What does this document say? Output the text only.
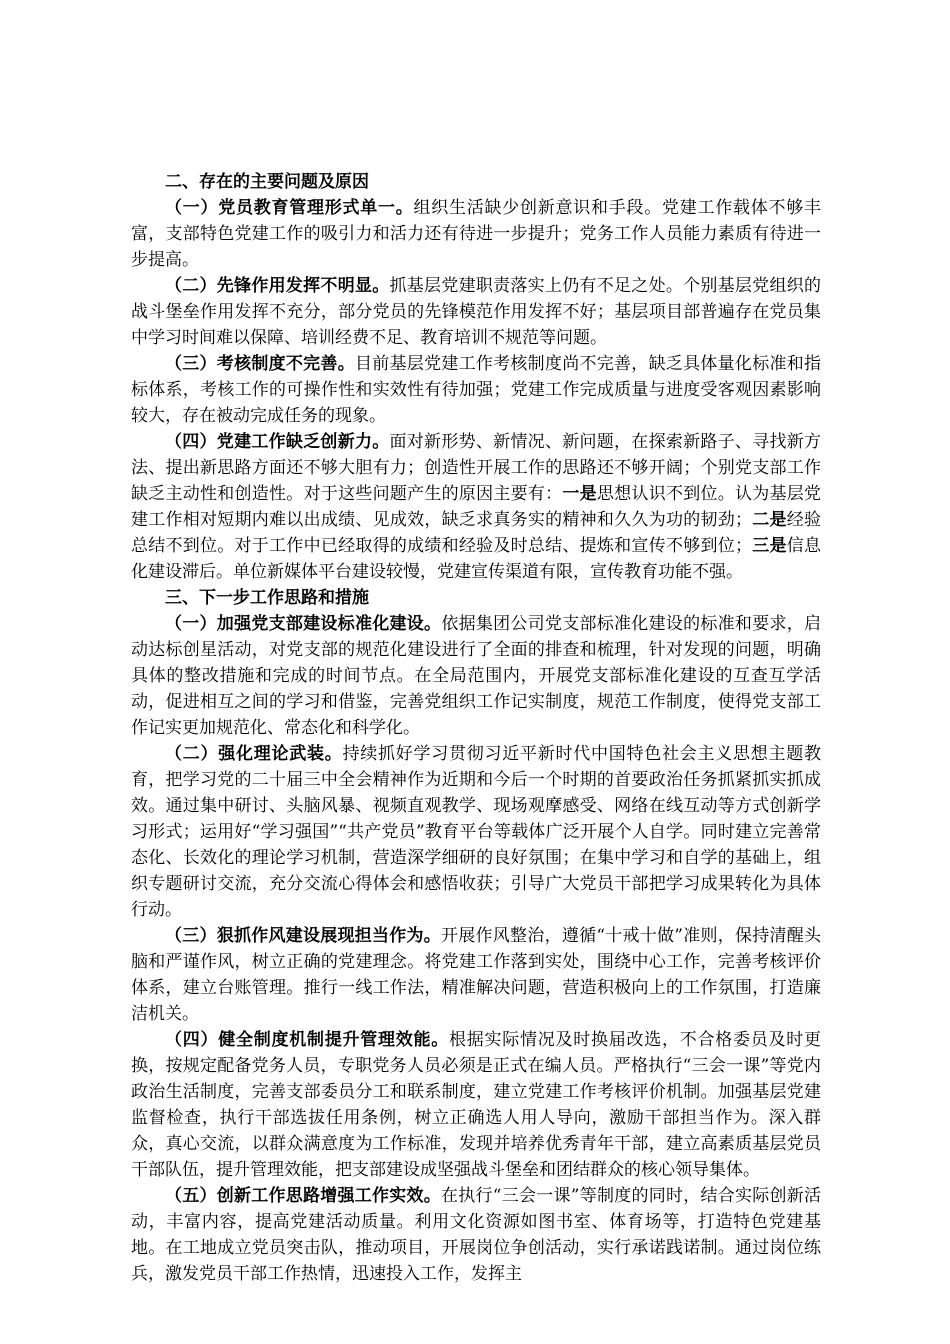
二、存在的主要问题及原因

（一）党员教育管理形式单一。组织生活缺少创新意识和手段。党建工作载体不够丰富，支部特色党建工作的吸引力和活力还有待进一步提升；党务工作人员能力素质有待进一步提高。

（二）先锋作用发挥不明显。抓基层党建职责落实上仍有不足之处。个别基层党组织的战斗堡垒作用发挥不充分，部分党员的先锋模范作用发挥不好；基层项目部普遍存在党员集中学习时间难以保障、培训经费不足、教育培训不规范等问题。

（三）考核制度不完善。目前基层党建工作考核制度尚不完善，缺乏具体量化标准和指标体系，考核工作的可操作性和实效性有待加强；党建工作完成质量与进度受客观因素影响较大，存在被动完成任务的现象。

（四）党建工作缺乏创新力。面对新形势、新情况、新问题，在探索新路子、寻找新方法、提出新思路方面还不够大胆有力；创造性开展工作的思路还不够开阔；个别党支部工作缺乏主动性和创造性。对于这些问题产生的原因主要有：一是思想认识不到位。认为基层党建工作相对短期内难以出成绩、见成效，缺乏求真务实的精神和久久为功的韧劲；二是经验总结不到位。对于工作中已经取得的成绩和经验及时总结、提炼和宣传不够到位；三是信息化建设滞后。单位新媒体平台建设较慢，党建宣传渠道有限，宣传教育功能不强。

三、下一步工作思路和措施

（一）加强党支部建设标准化建设。依据集团公司党支部标准化建设的标准和要求，启动达标创星活动，对党支部的规范化建设进行了全面的排查和梳理，针对发现的问题，明确具体的整改措施和完成的时间节点。在全局范围内，开展党支部标准化建设的互查互学活动，促进相互之间的学习和借鉴，完善党组织工作记实制度，规范工作制度，使得党支部工作记实更加规范化、常态化和科学化。

（二）强化理论武装。持续抓好学习贯彻习近平新时代中国特色社会主义思想主题教育，把学习党的二十届三中全会精神作为近期和今后一个时期的首要政治任务抓紧抓实抓成效。通过集中研讨、头脑风暴、视频直观教学、现场观摩感受、网络在线互动等方式创新学习形式；运用好“学习强国”“共产党员”教育平台等载体广泛开展个人自学。同时建立完善常态化、长效化的理论学习机制，营造深学细研的良好氛围；在集中学习和自学的基础上，组织专题研讨交流，充分交流心得体会和感悟收获；引导广大党员干部把学习成果转化为具体行动。

（三）狠抓作风建设展现担当作为。开展作风整治，遵循“十戒十做”准则，保持清醒头脑和严谨作风，树立正确的党建理念。将党建工作落到实处，围绕中心工作，完善考核评价体系，建立台账管理。推行一线工作法，精准解决问题，营造积极向上的工作氛围，打造廉洁机关。

（四）健全制度机制提升管理效能。根据实际情况及时换届改选，不合格委员及时更换，按规定配备党务人员，专职党务人员必须是正式在编人员。严格执行“三会一课”等党内政治生活制度，完善支部委员分工和联系制度，建立党建工作考核评价机制。加强基层党建监督检查，执行干部选拔任用条例，树立正确选人用人导向，激励干部担当作为。深入群众，真心交流，以群众满意度为工作标准，发现并培养优秀青年干部，建立高素质基层党员干部队伍，提升管理效能，把支部建设成坚强战斗堡垒和团结群众的核心领导集体。

（五）创新工作思路增强工作实效。在执行“三会一课”等制度的同时，结合实际创新活动，丰富内容，提高党建活动质量。利用文化资源如图书室、体育场等，打造特色党建基地。在工地成立党员突击队，推动项目，开展岗位争创活动，实行承诺践诺制。通过岗位练兵，激发党员干部工作热情，迅速投入工作，发挥主
